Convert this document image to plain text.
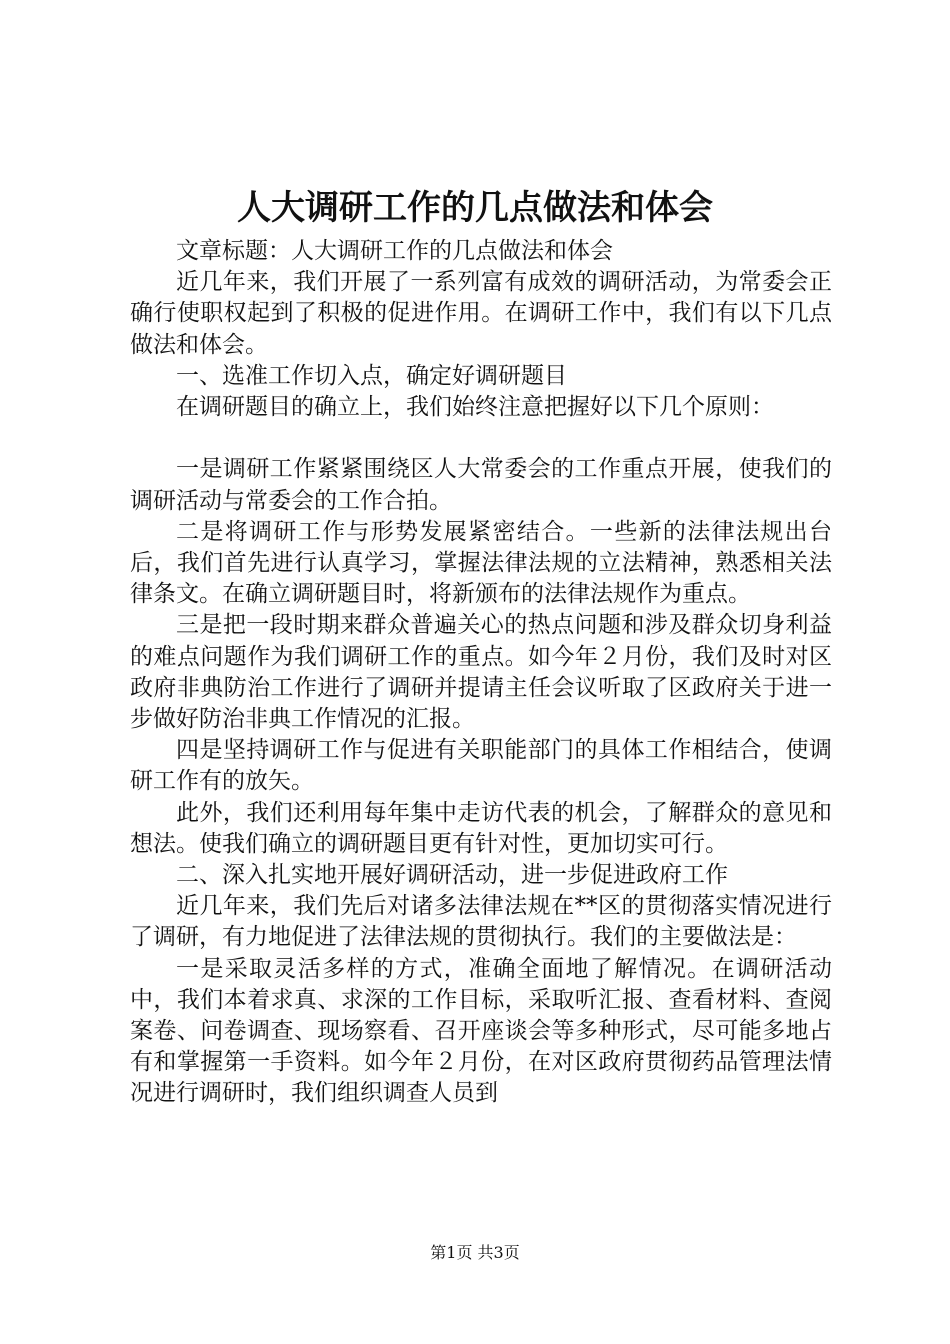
人大调研工作的几点做法和体会

文章标题：人大调研工作的几点做法和体会

近几年来，我们开展了一系列富有成效的调研活动，为常委会正确行使职权起到了积极的促进作用。在调研工作中，我们有以下几点做法和体会。

一、选准工作切入点，确定好调研题目

在调研题目的确立上，我们始终注意把握好以下几个原则：

一是调研工作紧紧围绕区人大常委会的工作重点开展，使我们的调研活动与常委会的工作合拍。

二是将调研工作与形势发展紧密结合。一些新的法律法规出台后，我们首先进行认真学习，掌握法律法规的立法精神，熟悉相关法律条文。在确立调研题目时，将新颁布的法律法规作为重点。

三是把一段时期来群众普遍关心的热点问题和涉及群众切身利益的难点问题作为我们调研工作的重点。如今年２月份，我们及时对区政府非典防治工作进行了调研并提请主任会议听取了区政府关于进一步做好防治非典工作情况的汇报。

四是坚持调研工作与促进有关职能部门的具体工作相结合，使调研工作有的放矢。

此外，我们还利用每年集中走访代表的机会，了解群众的意见和想法。使我们确立的调研题目更有针对性，更加切实可行。

二、深入扎实地开展好调研活动，进一步促进政府工作

近几年来，我们先后对诸多法律法规在**区的贯彻落实情况进行了调研，有力地促进了法律法规的贯彻执行。我们的主要做法是：

一是采取灵活多样的方式，准确全面地了解情况。在调研活动中，我们本着求真、求深的工作目标，采取听汇报、查看材料、查阅案卷、问卷调查、现场察看、召开座谈会等多种形式，尽可能多地占有和掌握第一手资料。如今年２月份，在对区政府贯彻药品管理法情况进行调研时，我们组织调查人员到

第1页 共3页
